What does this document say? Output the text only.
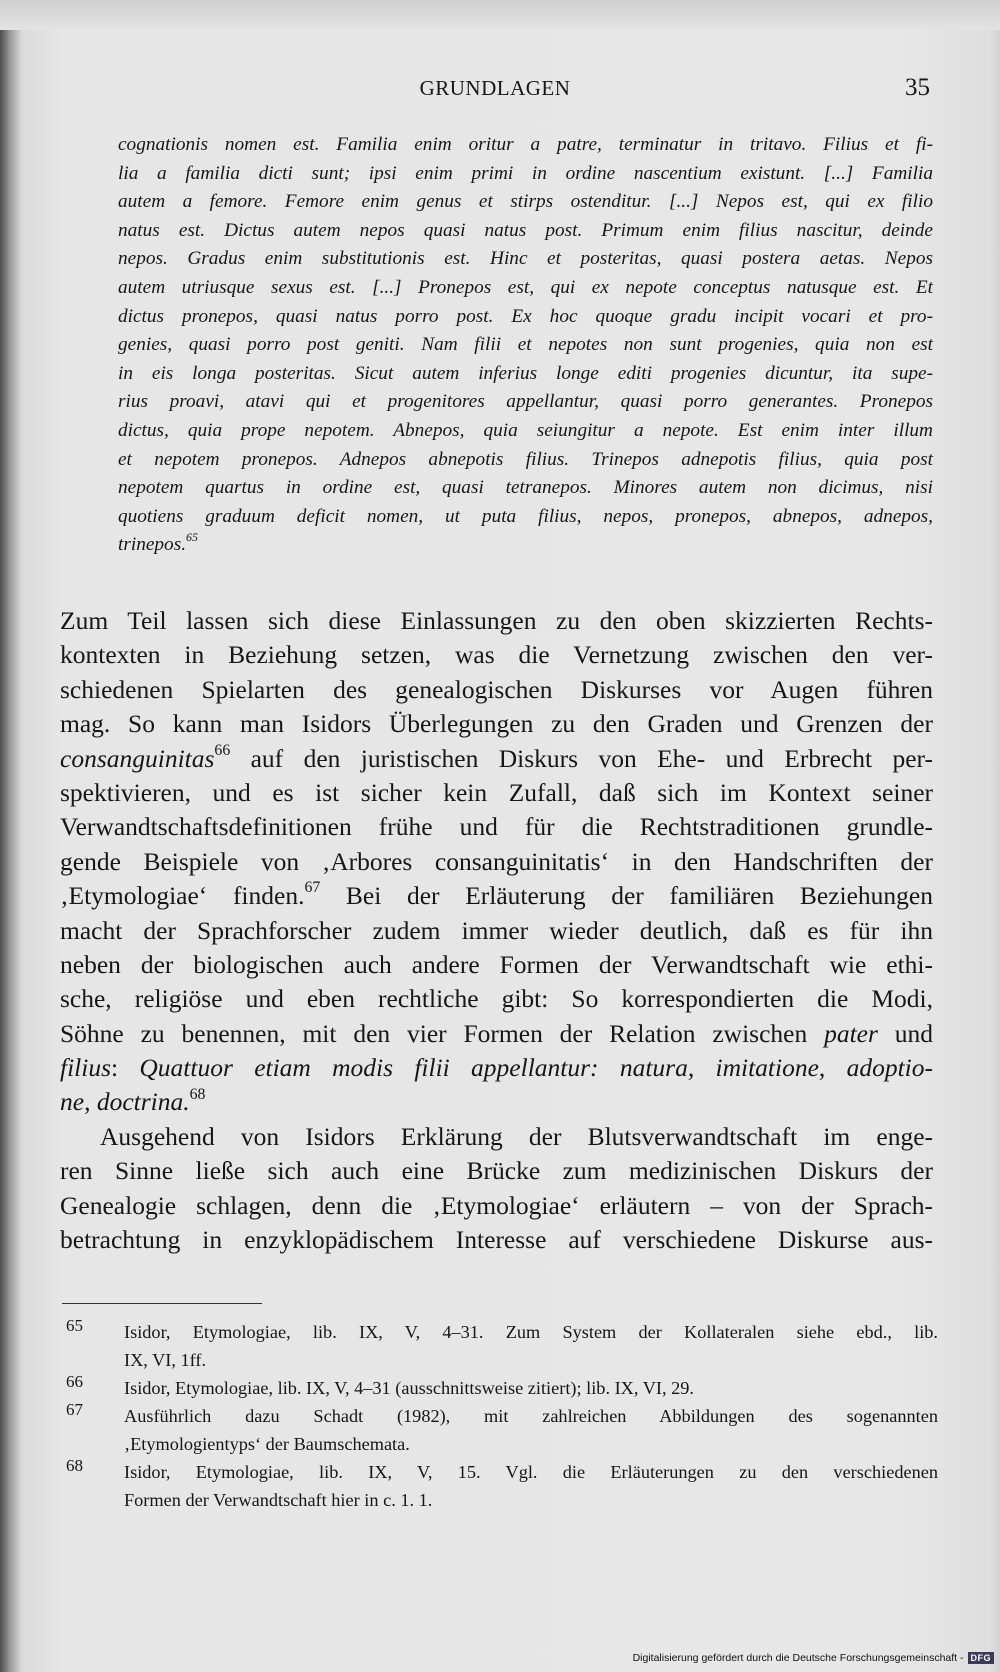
GRUNDLAGEN	35
cognationis nomen est. Familia enim oritur a patre, terminatur in tritavo. Filius et fi-
lia a familia dicti sunt; ipsi enim primi in ordine nascentium existunt. [...] Familia
autem a femore. Femore enim genus et stirps ostenditur. [...] Nepos est, qui ex filio
natus est. Dictus autem nepos quasi natus post. Primum enim filius nascitur, deinde
nepos. Gradus enim substitutionis est. Hinc et posteritas, quasi postera aetas. Nepos
autem utriusque sexus est. [...] Pronepos est, qui ex nepote conceptus natusque est. Et
dictus pronepos, quasi natus porro post. Ex hoc quoque gradu incipit vocari et pro-
genies, quasi porro post geniti. Nam filii et nepotes non sunt progenies, quia non est
in eis longa posteritas. Sicut autem inferius longe editi progenies dicuntur, ita supe-
rius proavi, atavi qui et progenitores appellantur, quasi porro generantes. Pronepos
dictus, quia prope nepotem. Abnepos, quia seiungitur a nepote. Est enim inter illum
et nepotem pronepos. Adnepos abnepotis filius. Trinepos adnepotis filius, quia post
nepotem quartus in ordine est, quasi tetranepos. Minores autem non dicimus, nisi
quotiens graduum deficit nomen, ut puta filius, nepos, pronepos, abnepos, adnepos,
trinepos.$^{65}$
Zum Teil lassen sich diese Einlassungen zu den oben skizzierten Rechts-
kontexten in Beziehung setzen, was die Vernetzung zwischen den ver-
schiedenen Spielarten des genealogischen Diskurses vor Augen führen
mag. So kann man Isidors Überlegungen zu den Graden und Grenzen der
consanguinitas$^{66}$ auf den juristischen Diskurs von Ehe- und Erbrecht per-
spektivieren, und es ist sicher kein Zufall, daß sich im Kontext seiner
Verwandtschaftsdefinitionen frühe und für die Rechtstraditionen grundle-
gende Beispiele von ‚Arbores consanguinitatis‘ in den Handschriften der
‚Etymologiae‘ finden.$^{67}$ Bei der Erläuterung der familiären Beziehungen
macht der Sprachforscher zudem immer wieder deutlich, daß es für ihn
neben der biologischen auch andere Formen der Verwandtschaft wie ethi-
sche, religiöse und eben rechtliche gibt: So korrespondierten die Modi,
Söhne zu benennen, mit den vier Formen der Relation zwischen pater und
filius: Quattuor etiam modis filii appellantur: natura, imitatione, adoptio-
ne, doctrina.$^{68}$
Ausgehend von Isidors Erklärung der Blutsverwandtschaft im enge-
ren Sinne ließe sich auch eine Brücke zum medizinischen Diskurs der
Genealogie schlagen, denn die ‚Etymologiae‘ erläutern – von der Sprach-
betrachtung in enzyklopädischem Interesse auf verschiedene Diskurse aus-
65 Isidor, Etymologiae, lib. IX, V, 4–31. Zum System der Kollateralen siehe ebd., lib.
IX, VI, 1ff.
66 Isidor, Etymologiae, lib. IX, V, 4–31 (ausschnittsweise zitiert); lib. IX, VI, 29.
67 Ausführlich dazu Schadt (1982), mit zahlreichen Abbildungen des sogenannten
‚Etymologientyps‘ der Baumschemata.
68 Isidor, Etymologiae, lib. IX, V, 15. Vgl. die Erläuterungen zu den verschiedenen
Formen der Verwandtschaft hier in c. 1. 1.
Digitalisierung gefördert durch die Deutsche Forschungsgemeinschaft - DFG
